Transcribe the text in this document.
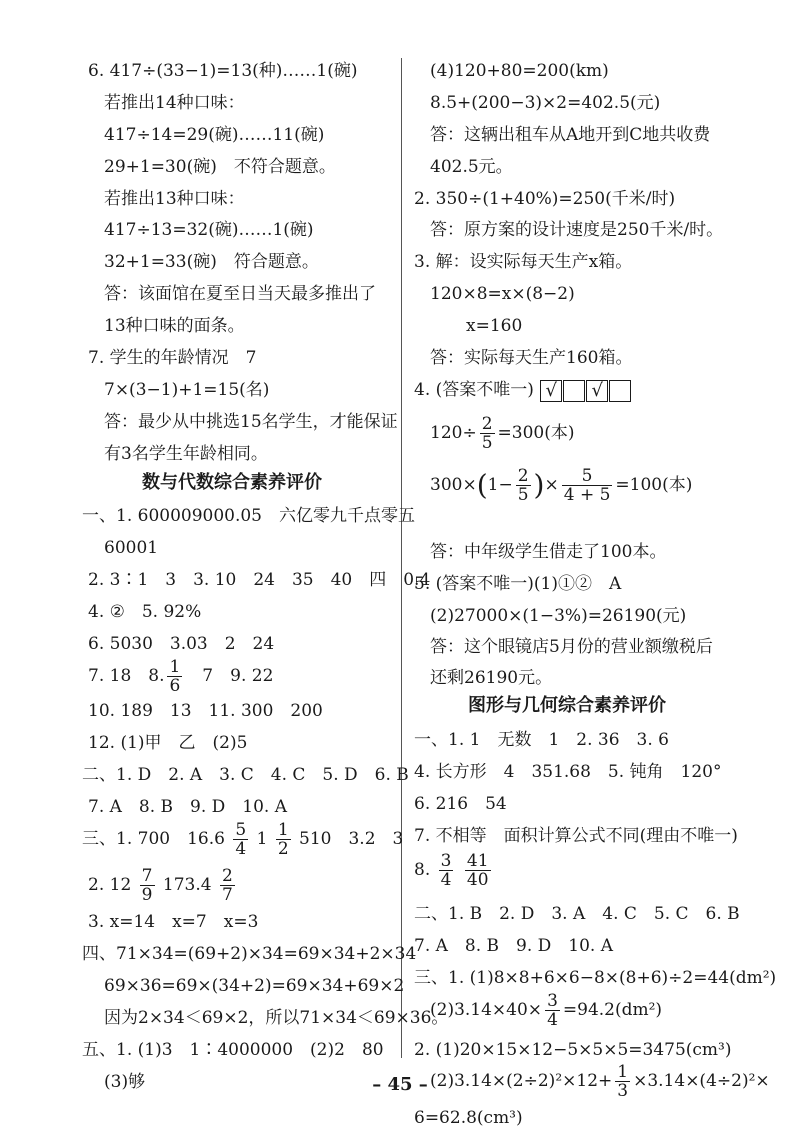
6. 417÷(33−1)=13(种)……1(碗)
若推出14种口味：
417÷14=29(碗)……11(碗)
29+1=30(碗)　不符合题意。
若推出13种口味：
417÷13=32(碗)……1(碗)
32+1=33(碗)　符合题意。
答：该面馆在夏至日当天最多推出了
13种口味的面条。
7. 学生的年龄情况　7
7×(3−1)+1=15(名)
答：最少从中挑选15名学生，才能保证
有3名学生年龄相同。
数与代数综合素养评价
一、1. 600009000.05　六亿零九千点零五
60001
2. 3∶1　3　3. 10　24　35　40　四　0.4
4. ②　5. 92%
6. 5030　3.03　2　24
7. 18　8. $\frac{1}{6}$ 　7　9. 22
10. 189　13　11. 300　200
12. (1)甲　乙　(2)5
二、1. D　2. A　3. C　4. C　5. D　6. B
7. A　8. B　9. D　10. A
三、1. 700　$16.6 \frac{5}{4} 1 \frac{1}{2} 510$　3.2　3
2. $12 \frac{7}{9} 173.4 \frac{2}{7}$
3. x=14　x=7　x=3
四、71×34=(69+2)×34=69×34+2×34
69×36=69×(34+2)=69×34+69×2
因为2×34＜69×2，所以71×34＜69×36。
五、1. (1)3　1∶4000000　(2)2　80
(3)够
(4)120+80=200(km)
8.5+(200−3)×2=402.5(元)
答：这辆出租车从A地开到C地共收费
402.5元。
2. 350÷(1+40%)=250(千米/时)
答：原方案的设计速度是250千米/时。
3. 解：设实际每天生产x箱。
120×8=x×(8−2)
x=160
答：实际每天生产160箱。
4. (答案不唯一) √ √
$120\div \frac{2}{5} =300$(本)
$300\times(1- \frac{2}{5}$ )× $\frac{5}{4 + 5} =100$(本)
答：中年级学生借走了100本。
5. (答案不唯一)(1)①②　A
(2)27000×(1−3%)=26190(元)
答：这个眼镜店5月份的营业额缴税后
还剩26190元。
图形与几何综合素养评价
一、1. 1　无数　1　2. 36　3. 6
4. 长方形　4　351.68　5. 钝角　120°
6. 216　54
7. 不相等　面积计算公式不同(理由不唯一)
8. $\frac{3}{4}$
$\frac{41}{40}$
二、1. B　2. D　3. A　4. C　5. C　6. B
7. A　8. B　9. D　10. A
三、1. (1)8×8+6×6−8×(8+6)÷2=44(dm²)
$(2)3.14\times 40\times \frac{3}{4} =94.2(dm^2)$
2. (1)20×15×12−5×5×5=3475(cm³)
$(2)3.14\times(2\div 2)^2\times 12+ \frac{1}{3} \times 3.14\times(4\div 2)^2\times$
6=62.8(cm³)
– 45 –
